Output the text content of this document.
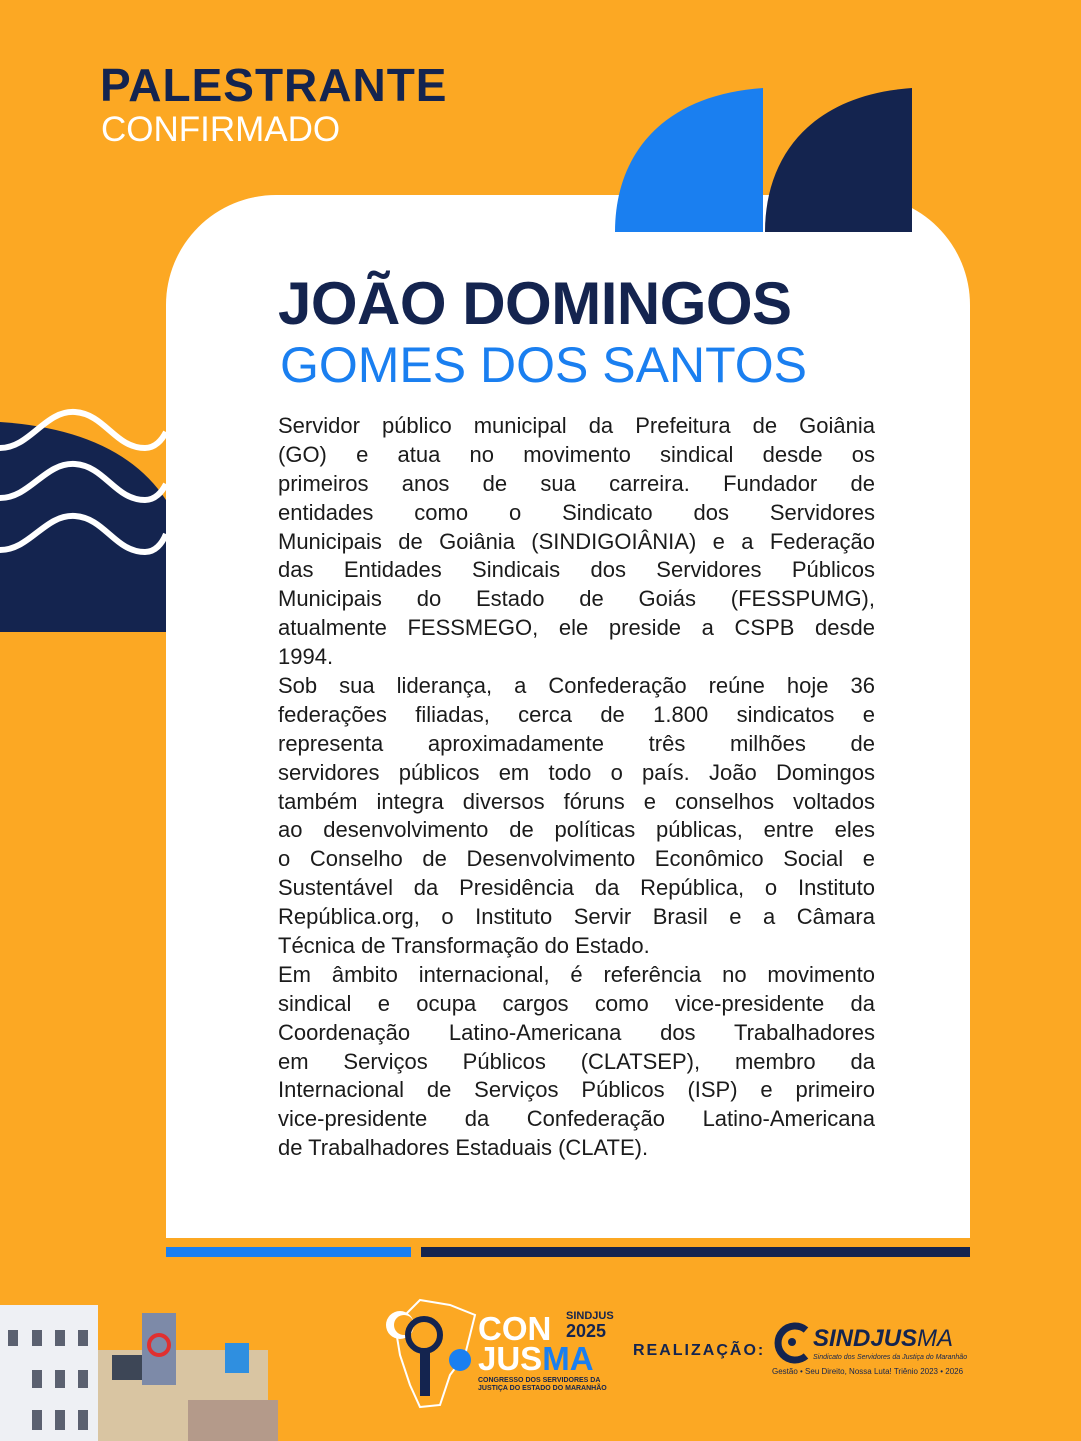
PALESTRANTE
CONFIRMADO
JOÃO DOMINGOS
GOMES DOS SANTOS
Servidor público municipal da Prefeitura de Goiânia
(GO) e atua no movimento sindical desde os
primeiros anos de sua carreira. Fundador de
entidades como o Sindicato dos Servidores
Municipais de Goiânia (SINDIGOIÂNIA) e a Federação
das Entidades Sindicais dos Servidores Públicos
Municipais do Estado de Goiás (FESSPUMG),
atualmente FESSMEGO, ele preside a CSPB desde
1994.
Sob sua liderança, a Confederação reúne hoje 36
federações filiadas, cerca de 1.800 sindicatos e
representa aproximadamente três milhões de
servidores públicos em todo o país. João Domingos
também integra diversos fóruns e conselhos voltados
ao desenvolvimento de políticas públicas, entre eles
o Conselho de Desenvolvimento Econômico Social e
Sustentável da Presidência da República, o Instituto
República.org, o Instituto Servir Brasil e a Câmara
Técnica de Transformação do Estado.
Em âmbito internacional, é referência no movimento
sindical e ocupa cargos como vice-presidente da
Coordenação Latino-Americana dos Trabalhadores
em Serviços Públicos (CLATSEP), membro da
Internacional de Serviços Públicos (ISP) e primeiro
vice-presidente da Confederação Latino-Americana
de Trabalhadores Estaduais (CLATE).
CON
JUSMA
SINDJUS
2025
CONGRESSO DOS SERVIDORES DA JUSTIÇA DO ESTADO DO MARANHÃO
REALIZAÇÃO: SINDJUSMA
Sindicato dos Servidores da Justiça do Maranhão
Gestão • Seu Direito, Nossa Luta! Triênio 2023 • 2026
